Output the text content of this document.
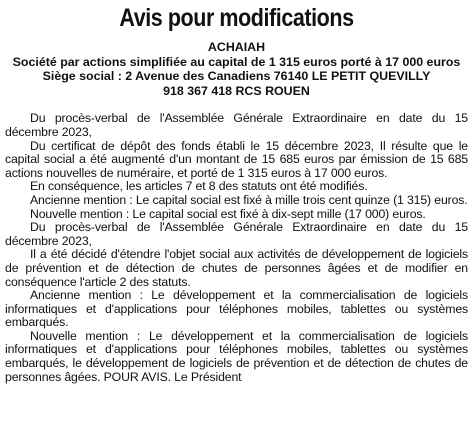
Avis pour modifications
ACHAIAH
Société par actions simplifiée au capital de 1 315 euros porté à 17 000 euros
Siège social : 2 Avenue des Canadiens 76140 LE PETIT QUEVILLY
918 367 418 RCS ROUEN

Du procès-verbal de l'Assemblée Générale Extraordinaire en date du 15 décembre 2023,

Du certificat de dépôt des fonds établi le 15 décembre 2023, Il résulte que le capital social a été augmenté d'un montant de 15 685 euros par émission de 15 685 actions nouvelles de numéraire, et porté de 1 315 euros à 17 000 euros.

En conséquence, les articles 7 et 8 des statuts ont été modifiés.

Ancienne mention : Le capital social est fixé à mille trois cent quinze (1 315) euros.

Nouvelle mention : Le capital social est fixé à dix-sept mille (17 000) euros.

Du procès-verbal de l'Assemblée Générale Extraordinaire en date du 15 décembre 2023,

Il a été décidé d'étendre l'objet social aux activités de développement de logiciels de prévention et de détection de chutes de personnes âgées et de modifier en conséquence l'article 2 des statuts.

Ancienne mention : Le développement et la commercialisation de logiciels informatiques et d'applications pour téléphones mobiles, tablettes ou systèmes embarqués.

Nouvelle mention : Le développement et la commercialisation de logiciels informatiques et d'applications pour téléphones mobiles, tablettes ou systèmes embarqués, le développement de logiciels de prévention et de détection de chutes de personnes âgées. POUR AVIS. Le Président
